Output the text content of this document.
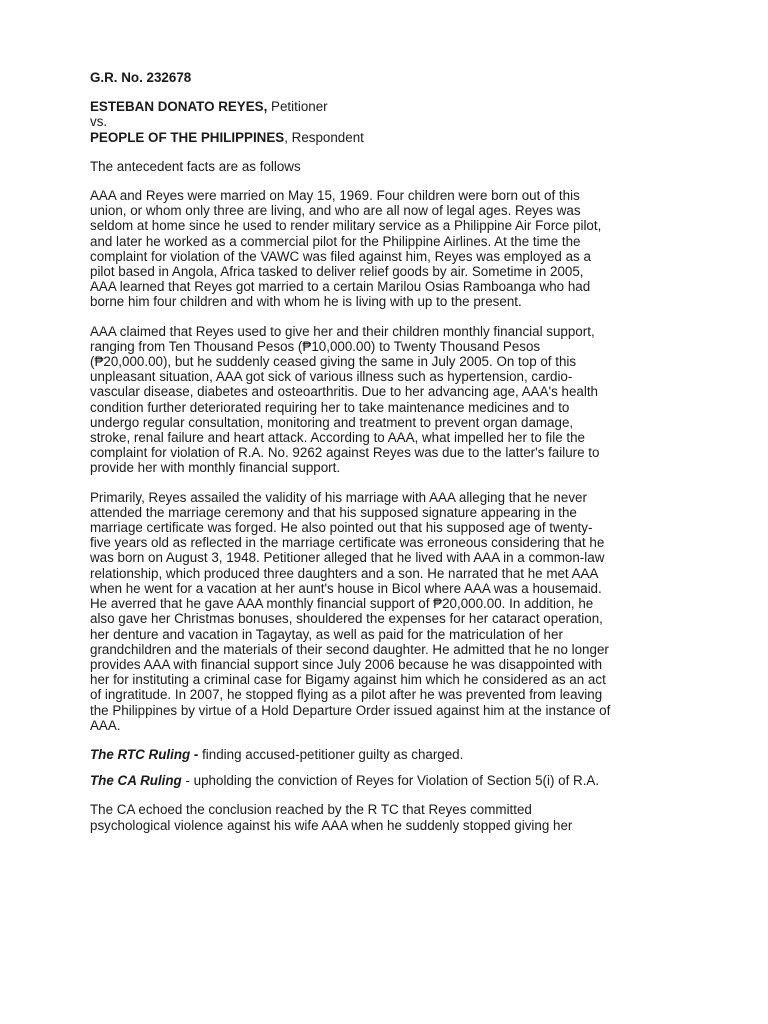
G.R. No. 232678

ESTEBAN DONATO REYES, Petitioner

vs.

PEOPLE OF THE PHILIPPINES, Respondent

The antecedent facts are as follows

AAA and Reyes were married on May 15, 1969. Four children were born out of this

union, or whom only three are living, and who are all now of legal ages. Reyes was

seldom at home since he used to render military service as a Philippine Air Force pilot,

and later he worked as a commercial pilot for the Philippine Airlines. At the time the

complaint for violation of the VAWC was filed against him, Reyes was employed as a

pilot based in Angola, Africa tasked to deliver relief goods by air. Sometime in 2005,

AAA learned that Reyes got married to a certain Marilou Osias Ramboanga who had

borne him four children and with whom he is living with up to the present.

AAA claimed that Reyes used to give her and their children monthly financial support,

ranging from Ten Thousand Pesos (₱10,000.00) to Twenty Thousand Pesos

(₱20,000.00), but he suddenly ceased giving the same in July 2005. On top of this

unpleasant situation, AAA got sick of various illness such as hypertension, cardio-

vascular disease, diabetes and osteoarthritis. Due to her advancing age, AAA's health

condition further deteriorated requiring her to take maintenance medicines and to

undergo regular consultation, monitoring and treatment to prevent organ damage,

stroke, renal failure and heart attack. According to AAA, what impelled her to file the

complaint for violation of R.A. No. 9262 against Reyes was due to the latter's failure to

provide her with monthly financial support.

Primarily, Reyes assailed the validity of his marriage with AAA alleging that he never

attended the marriage ceremony and that his supposed signature appearing in the

marriage certificate was forged. He also pointed out that his supposed age of twenty-

five years old as reflected in the marriage certificate was erroneous considering that he

was born on August 3, 1948. Petitioner alleged that he lived with AAA in a common-law

relationship, which produced three daughters and a son. He narrated that he met AAA

when he went for a vacation at her aunt's house in Bicol where AAA was a housemaid.

He averred that he gave AAA monthly financial support of ₱20,000.00. In addition, he

also gave her Christmas bonuses, shouldered the expenses for her cataract operation,

her denture and vacation in Tagaytay, as well as paid for the matriculation of her

grandchildren and the materials of their second daughter. He admitted that he no longer

provides AAA with financial support since July 2006 because he was disappointed with

her for instituting a criminal case for Bigamy against him which he considered as an act

of ingratitude. In 2007, he stopped flying as a pilot after he was prevented from leaving

the Philippines by virtue of a Hold Departure Order issued against him at the instance of

AAA.

The RTC Ruling - finding accused-petitioner guilty as charged.

The CA Ruling - upholding the conviction of Reyes for Violation of Section 5(i) of R.A.

The CA echoed the conclusion reached by the R TC that Reyes committed

psychological violence against his wife AAA when he suddenly stopped giving her
